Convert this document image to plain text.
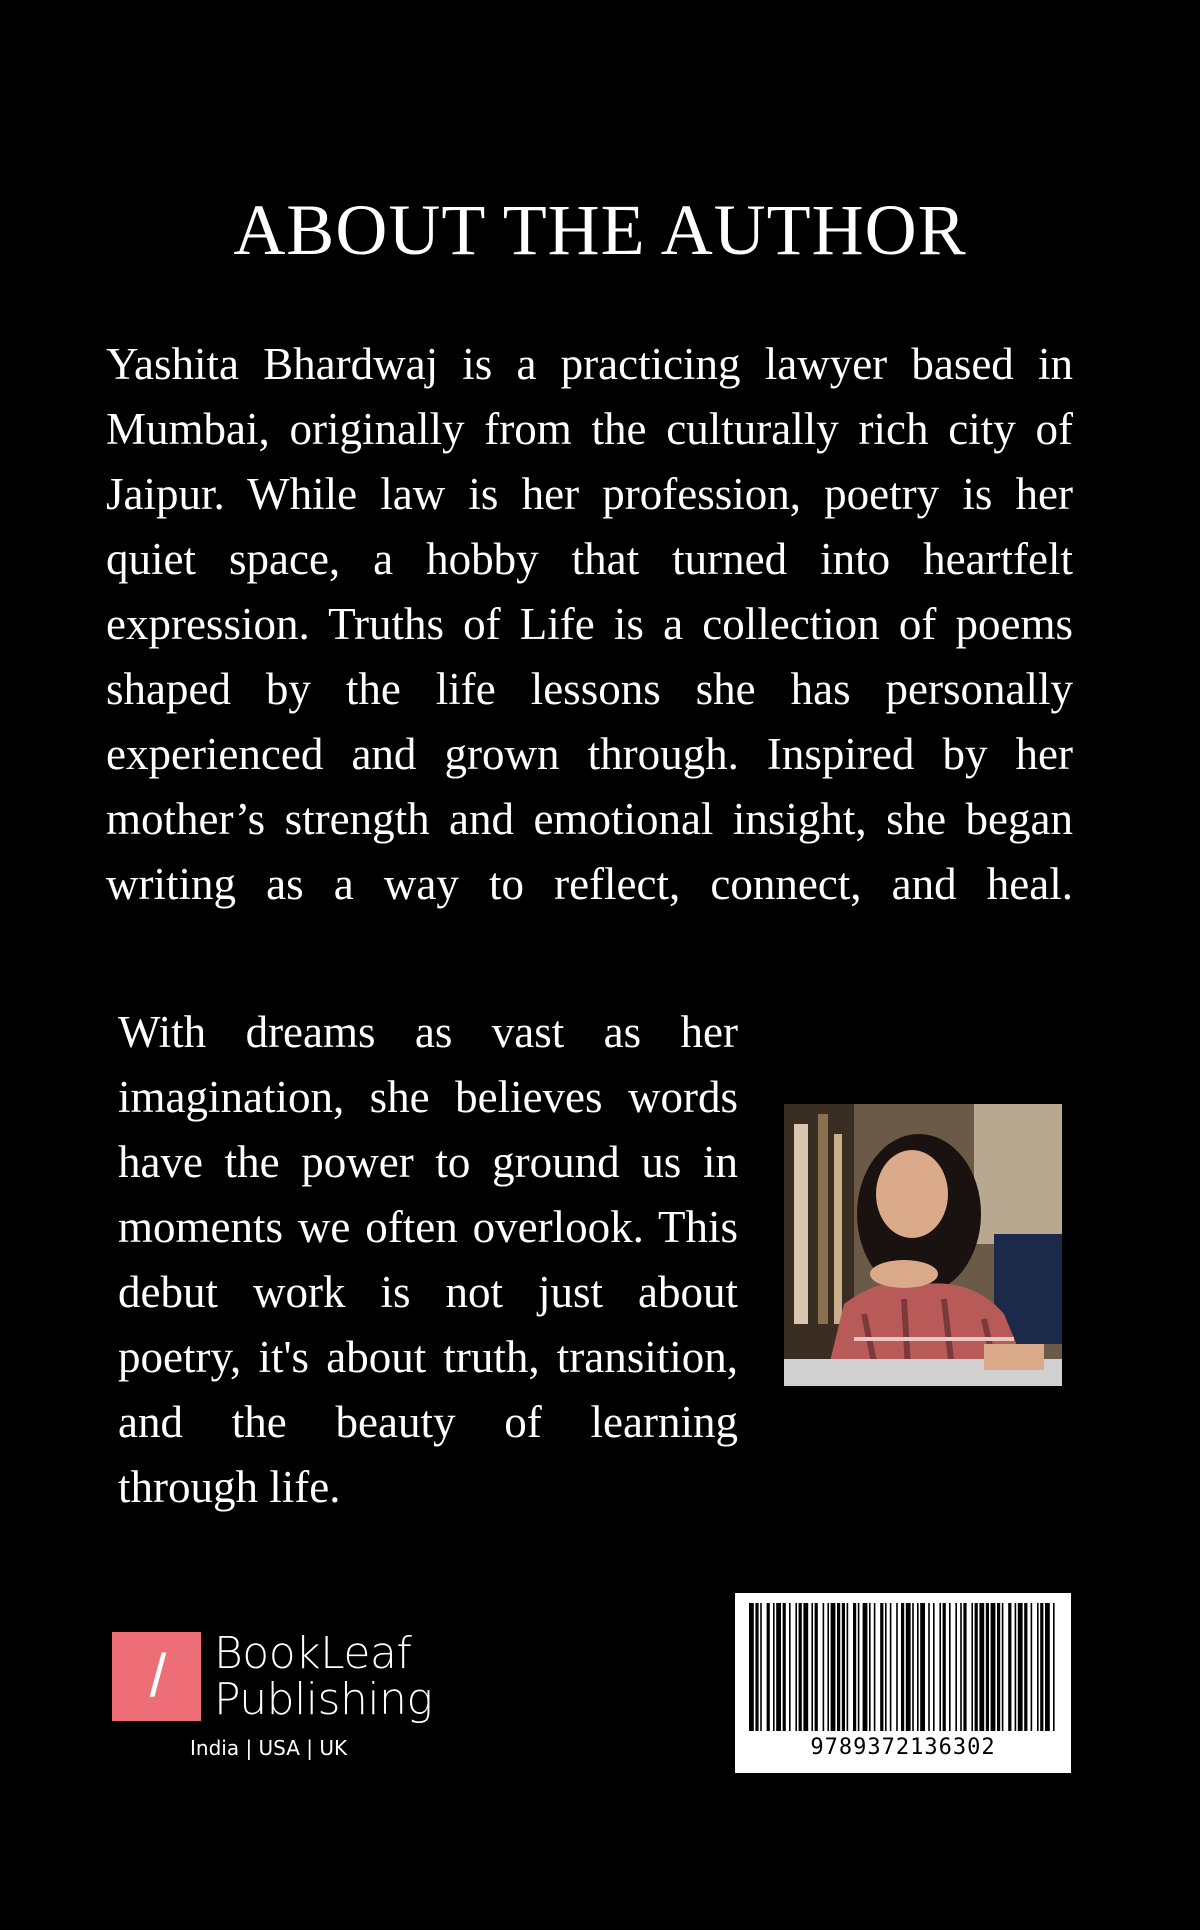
ABOUT THE AUTHOR

Yashita Bhardwaj is a practicing lawyer based in Mumbai, originally from the culturally rich city of Jaipur. While law is her profession, poetry is her quiet space, a hobby that turned into heartfelt expression. Truths of Life is a collection of poems shaped by the life lessons she has personally experienced and grown through. Inspired by her mother’s strength and emotional insight, she began writing as a way to reflect, connect, and heal.

With dreams as vast as her imagination, she believes words have the power to ground us in moments we often overlook. This debut work is not just about poetry, it's about truth, transition, and the beauty of learning through life.

/ BookLeaf
Publishing
India | USA | UK	9789372136302
